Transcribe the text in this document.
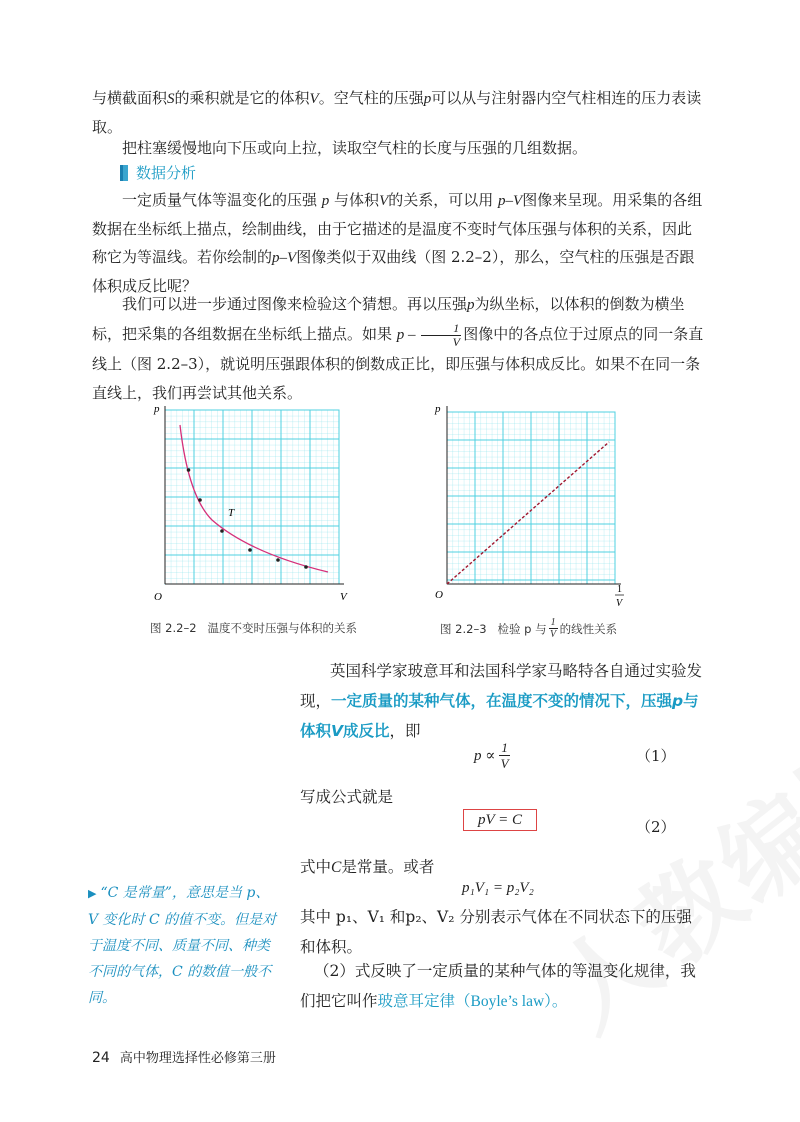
与横截面积S的乘积就是它的体积V。空气柱的压强p可以从与注射器内空气柱相连的压力表读取。

把柱塞缓慢地向下压或向上拉，读取空气柱的长度与压强的几组数据。

数据分析

一定质量气体等温变化的压强 p 与体积V的关系，可以用 p–V图像来呈现。用采集的各组数据在坐标纸上描点，绘制曲线，由于它描述的是温度不变时气体压强与体积的关系，因此称它为等温线。若你绘制的p–V图像类似于双曲线（图 2.2–2），那么，空气柱的压强是否跟体积成反比呢？

我们可以进一步通过图像来检验这个猜想。再以压强p为纵坐标，以体积的倒数为横坐标，把采集的各组数据在坐标纸上描点。如果 p – $\frac{1}{V}$ 图像中的各点位于过原点的同一条直线上（图 2.2–3），就说明压强跟体积的倒数成正比，即压强与体积成反比。如果不在同一条直线上，我们再尝试其他关系。

p
V
O
T
图 2.2–2 温度不变时压强与体积的关系
p
O	1
V
图 2.2–3
检验 p 与 $\frac{1}{V}$ 的线性关系
英国科学家玻意耳和法国科学家马略特各自通过实验发现，一定质量的某种气体，在温度不变的情况下，压强p与体积V成反比，即
$p \propto \frac{1}{V}$	（1）
写成公式就是
pV = C	（2）
式中C是常量。或者
p₁V₁ = p₂V₂
其中 p₁、V₁ 和p₂、V₂ 分别表示气体在不同状态下的压强和体积。
（2）式反映了一定质量的某种气体的等温变化规律，我们把它叫作玻意耳定律（Boyle’s law）。
▶ “C 是常量”，意思是当 p、V 变化时 C 的值不变。但是对于温度不同、质量不同、种类不同的气体，C 的数值一般不同。
24 高中物理选择性必修第三册
